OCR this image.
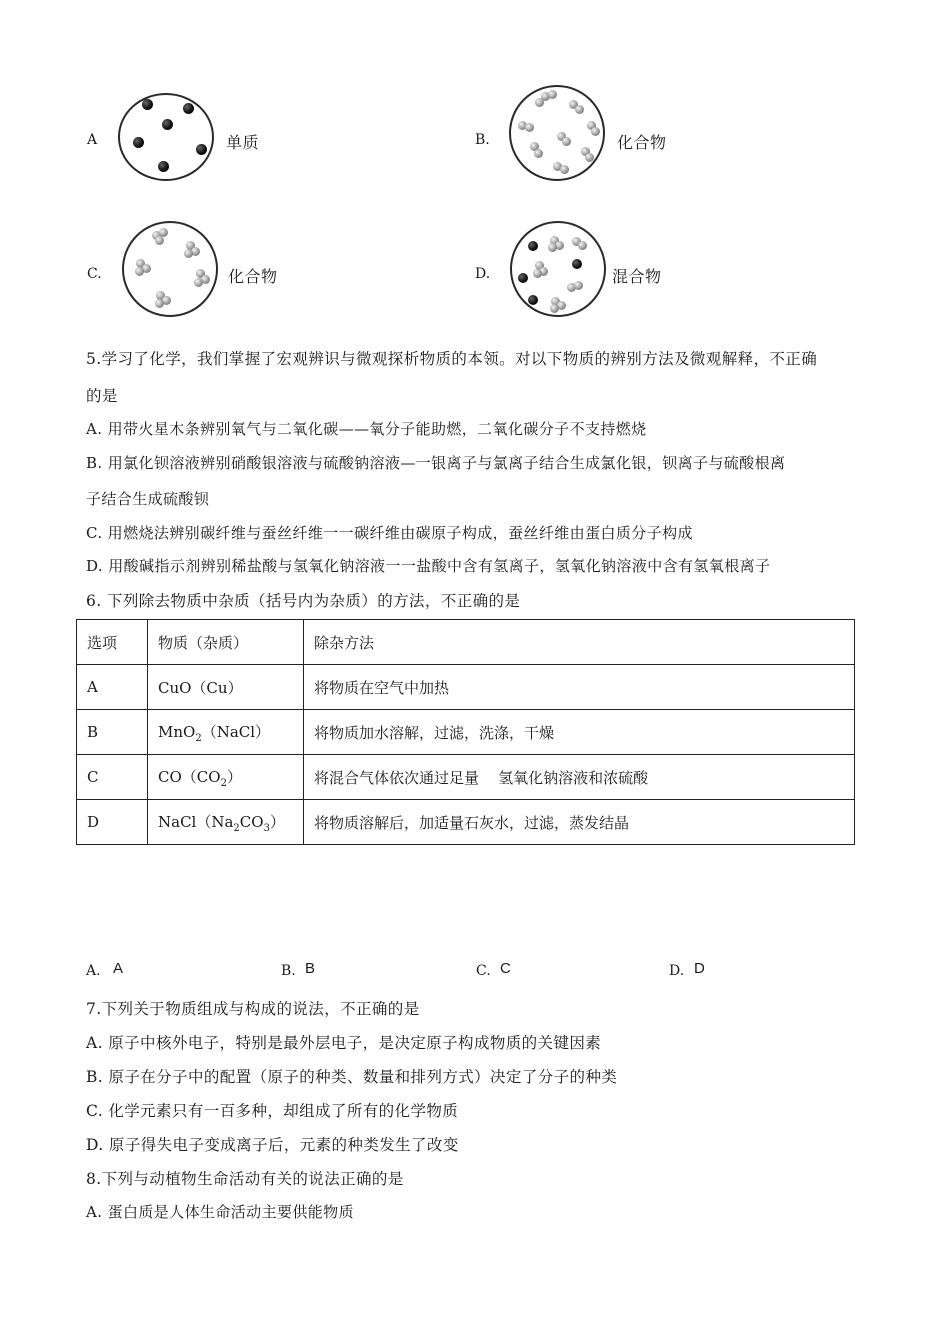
A	单质	B.	化合物
C.	化合物	D.	混合物
5.学习了化学，我们掌握了宏观辨识与微观探析物质的本领。对以下物质的辨别方法及微观解释，不正确
的是
A. 用带火星木条辨别氧气与二氧化碳——氧分子能助燃，二氧化碳分子不支持燃烧
B. 用氯化钡溶液辨别硝酸银溶液与硫酸钠溶液—一银离子与氯离子结合生成氯化银，钡离子与硫酸根离
子结合生成硫酸钡
C. 用燃烧法辨别碳纤维与蚕丝纤维一一碳纤维由碳原子构成，蚕丝纤维由蛋白质分子构成
D. 用酸碱指示剂辨别稀盐酸与氢氧化钠溶液一一盐酸中含有氢离子，氢氧化钠溶液中含有氢氧根离子
6. 下列除去物质中杂质（括号内为杂质）的方法，不正确的是
选项	物质（杂质）	除杂方法
A	CuO（Cu）	将物质在空气中加热
B	MnO$_2$（NaCl）	将物质加水溶解，过滤，洗涤，干燥
C	$CO(CO_2)$	将混合气体依次通过足量    氢氧化钠溶液和浓硫酸
D	$NaCl(Na_2CO_3)$	将物质溶解后，加适量石灰水，过滤，蒸发结晶
A. A	B. B	C. C	D. D
7.下列关于物质组成与构成的说法，不正确的是
A. 原子中核外电子，特别是最外层电子，是决定原子构成物质的关键因素
B. 原子在分子中的配置（原子的种类、数量和排列方式）决定了分子的种类
C. 化学元素只有一百多种，却组成了所有的化学物质
D. 原子得失电子变成离子后，元素的种类发生了改变
8.下列与动植物生命活动有关的说法正确的是
A. 蛋白质是人体生命活动主要供能物质
